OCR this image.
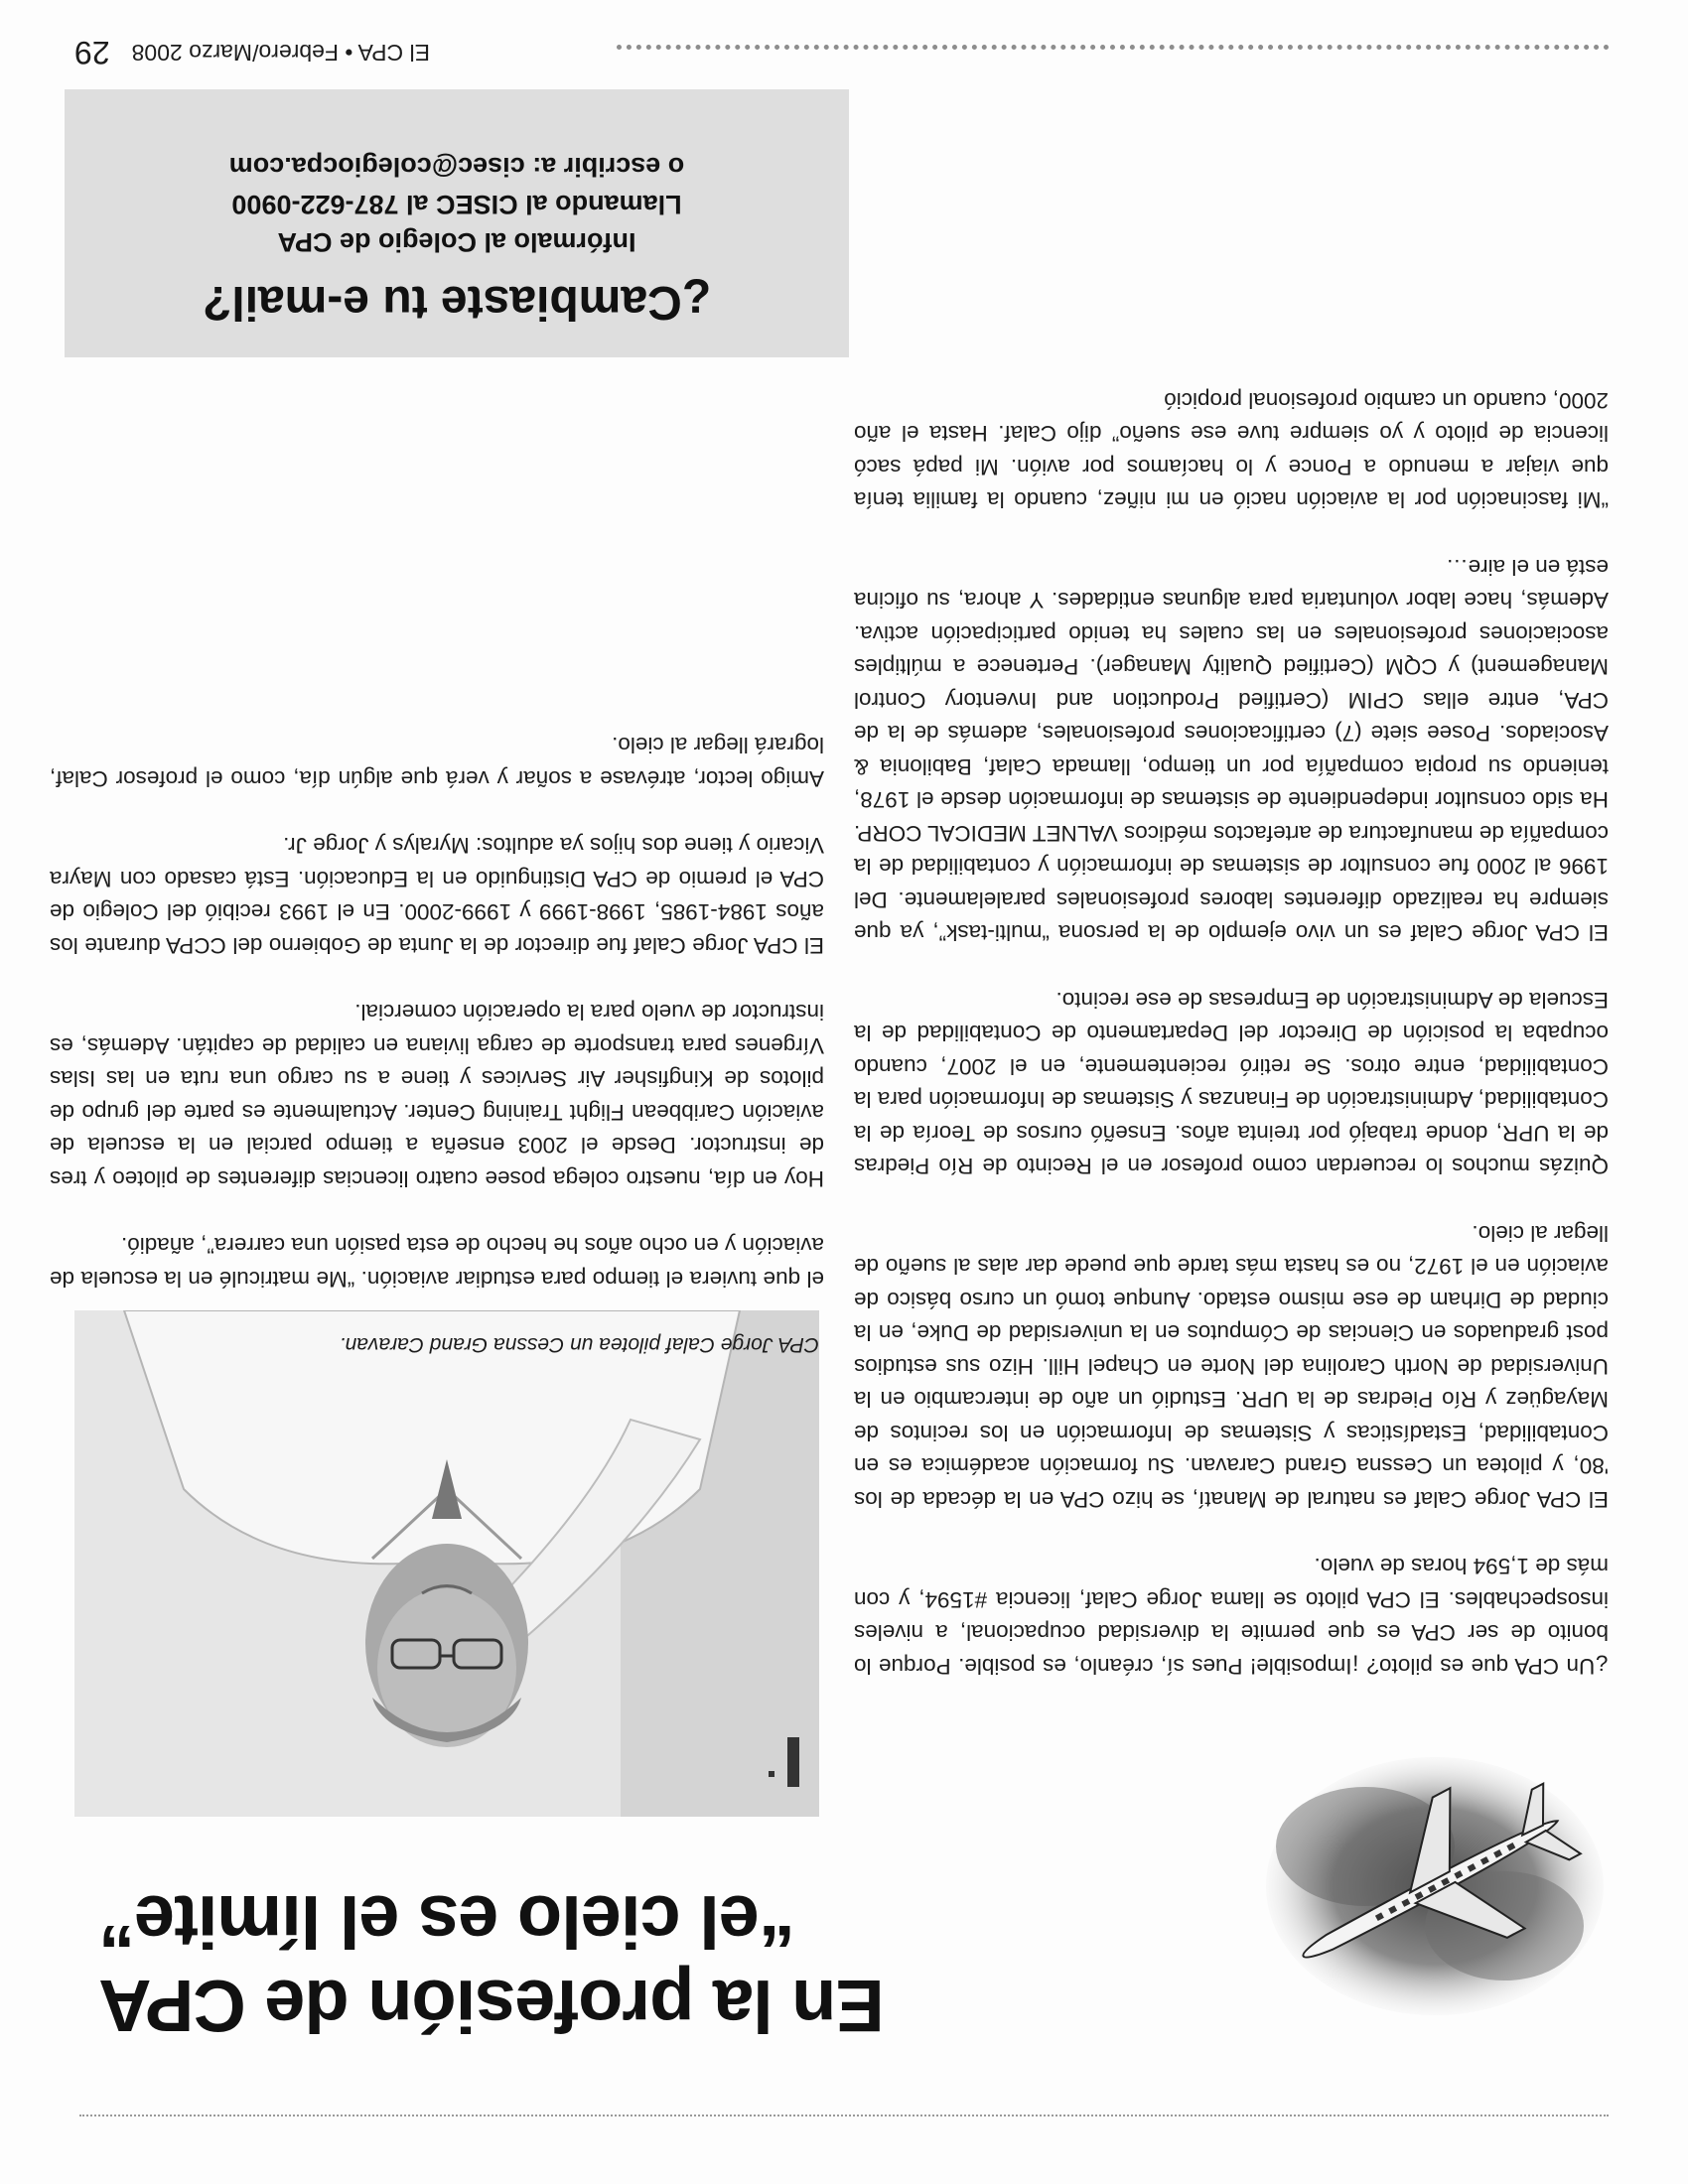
En la profesión de CPA
“el cielo es el límite”

¿Un CPA que es piloto? ¡Imposible! Pues sí, créanlo, es posible. Porque lo bonito de ser CPA es que permite la diversidad ocupacional, a niveles insospechables. El CPA piloto se llama Jorge Calaf, licencia #1594, y con más de 1,594 horas de vuelo.

El CPA Jorge Calaf es natural de Manatí, se hizo CPA en la década de los '80, y pilotea un Cessna Grand Caravan. Su formación académica es en Contabilidad, Estadísticas y Sistemas de Información en los recintos de Mayagüez y Río Piedras de la UPR. Estudió un año de intercambio en la Universidad de North Carolina del Norte en Chapel Hill. Hizo sus estudios post graduados en Ciencias de Cómputos en la universidad de Duke, en la ciudad de Dirham de ese mismo estado. Aunque tomó un curso básico de aviación en el 1972, no es hasta más tarde que puede dar alas al sueño de llegar al cielo.

Quizás muchos lo recuerdan como profesor en el Recinto de Río Piedras de la UPR, donde trabajó por treinta años. Enseñó cursos de Teoría de la Contabilidad, Administración de Finanzas y Sistemas de Información para la Contabilidad, entre otros. Se retiró recientemente, en el 2007, cuando ocupaba la posición de Director del Departamento de Contabilidad de la Escuela de Administración de Empresas de ese recinto.

El CPA Jorge Calaf es un vivo ejemplo de la persona “multi-task”, ya que siempre ha realizado diferentes labores profesionales paralelamente. Del 1996 al 2000 fue consultor de sistemas de información y contabilidad de la compañía de manufactura de artefactos médicos VALNET MEDICAL CORP. Ha sido consultor independiente de sistemas de información desde el 1978, teniendo su propia compañía por un tiempo, llamada Calaf, Babilonia & Asociados. Posee siete (7) certificaciones profesionales, además de la de CPA, entre ellas CPIM (Certified Production and Inventory Control Management) y CQM (Certified Quality Manager). Pertenece a múltiples asociaciones profesionales en las cuales ha tenido participación activa. Además, hace labor voluntaria para algunas entidades. Y ahora, su oficina está en el aire…

“Mi fascinación por la aviación nació en mi niñez, cuando la familia tenía que viajar a menudo a Ponce y lo hacíamos por avión. Mi papá sacó licencia de piloto y yo siempre tuve ese sueño” dijo Calaf. Hasta el año 2000, cuando un cambio profesional propició

CPA Jorge Calaf pilotea un Cessna Grand Caravan.

el que tuviera el tiempo para estudiar aviación. “Me matriculé en la escuela de aviación y en ocho años he hecho de esta pasión una carrera”, añadió.

Hoy en día, nuestro colega posee cuatro licencias diferentes de piloteo y tres de instructor. Desde el 2003 enseña a tiempo parcial en la escuela de aviación Caribbean Flight Training Center. Actualmente es parte del grupo de pilotos de Kingfisher Air Services y tiene a su cargo una ruta en las Islas Vírgenes para transporte de carga liviana en calidad de capitán. Además, es instructor de vuelo para la operación comercial.

El CPA Jorge Calaf fue director de la Junta de Gobierno del CCPA durante los años 1984-1985, 1998-1999 y 1999-2000. En el 1993 recibió del Colegio de CPA el premio de CPA Distinguido en la Educación. Está casado con Mayra Vicario y tiene dos hijos ya adultos: Myralys y Jorge Jr.

Amigo lector, atrévase a soñar y verá que algún día, como el profesor Calaf, logrará llegar al cielo.

¿Cambiaste tu e-mail?
Infórmalo al Colegio de CPA
Llamando al CISEC al 787-622-0900
o escribir a: cisec@colegiocpa.com
El CPA • Febrero/Marzo 200829
